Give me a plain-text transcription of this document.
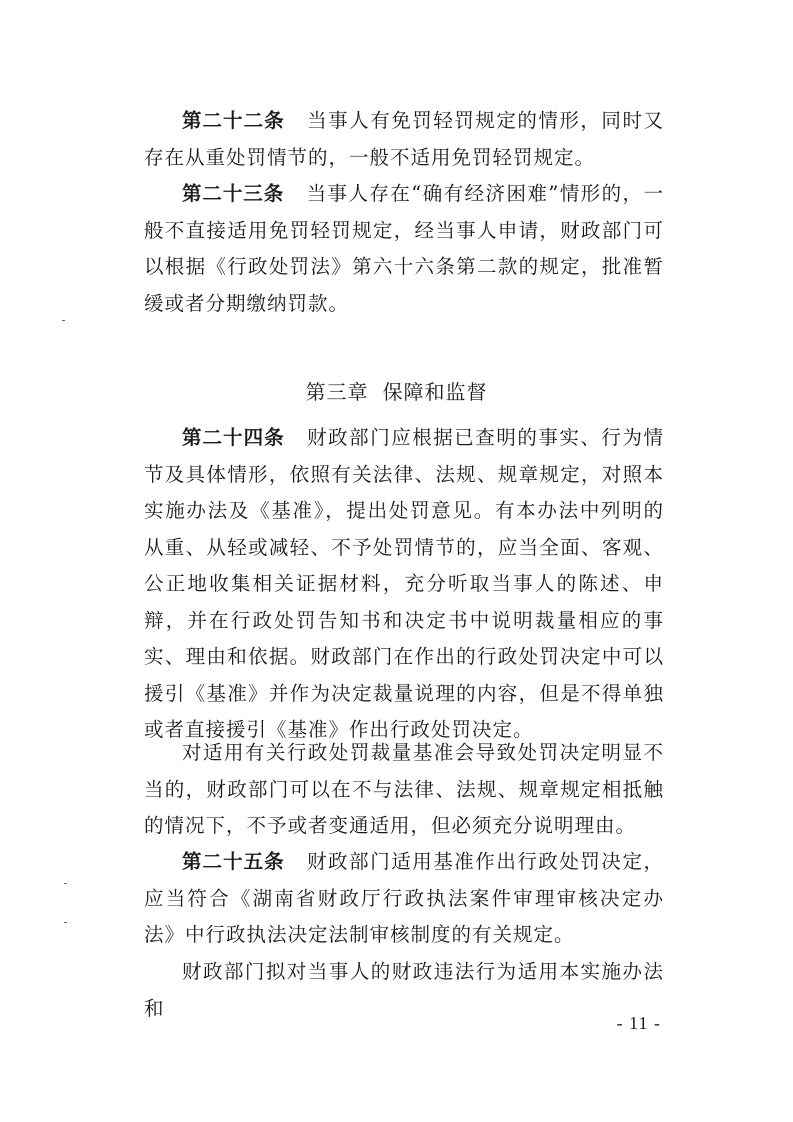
第二十二条 当事人有免罚轻罚规定的情形，同时又存在从重处罚情节的，一般不适用免罚轻罚规定。
第二十三条 当事人存在“确有经济困难”情形的，一般不直接适用免罚轻罚规定，经当事人申请，财政部门可以根据《行政处罚法》第六十六条第二款的规定，批准暂缓或者分期缴纳罚款。
第三章 保障和监督
第二十四条 财政部门应根据已查明的事实、行为情节及具体情形，依照有关法律、法规、规章规定，对照本实施办法及《基准》，提出处罚意见。有本办法中列明的从重、从轻或减轻、不予处罚情节的，应当全面、客观、公正地收集相关证据材料，充分听取当事人的陈述、申辩，并在行政处罚告知书和决定书中说明裁量相应的事实、理由和依据。财政部门在作出的行政处罚决定中可以援引《基准》并作为决定裁量说理的内容，但是不得单独或者直接援引《基准》作出行政处罚决定。
对适用有关行政处罚裁量基准会导致处罚决定明显不当的，财政部门可以在不与法律、法规、规章规定相抵触的情况下，不予或者变通适用，但必须充分说明理由。
第二十五条 财政部门适用基准作出行政处罚决定，应当符合《湖南省财政厅行政执法案件审理审核决定办法》中行政执法决定法制审核制度的有关规定。
财政部门拟对当事人的财政违法行为适用本实施办法和
- 11 -
